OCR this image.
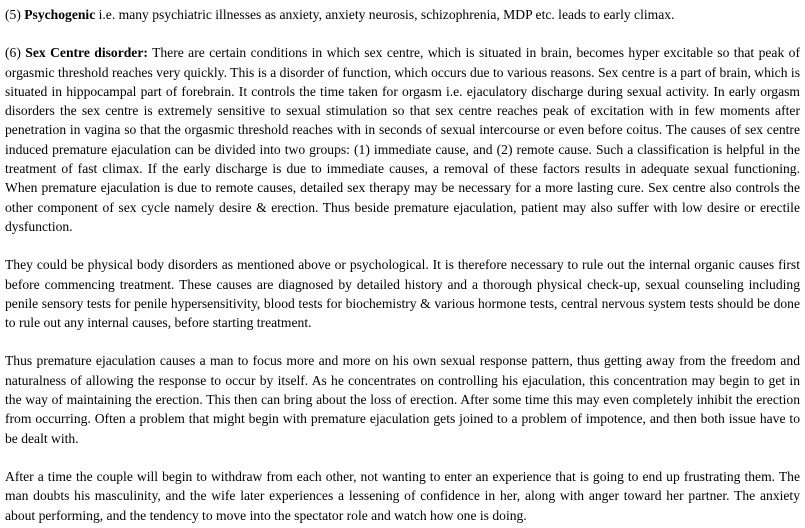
(5) Psychogenic i.e. many psychiatric illnesses as anxiety, anxiety neurosis, schizophrenia, MDP etc. leads to early climax.

(6) Sex Centre disorder: There are certain conditions in which sex centre, which is situated in brain, becomes hyper excitable so that peak of orgasmic threshold reaches very quickly. This is a disorder of function, which occurs due to various reasons. Sex centre is a part of brain, which is situated in hippocampal part of forebrain. It controls the time taken for orgasm i.e. ejaculatory discharge during sexual activity. In early orgasm disorders the sex centre is extremely sensitive to sexual stimulation so that sex centre reaches peak of excitation with in few moments after penetration in vagina so that the orgasmic threshold reaches with in seconds of sexual intercourse or even before coitus. The causes of sex centre induced premature ejaculation can be divided into two groups: (1) immediate cause, and (2) remote cause. Such a classification is helpful in the treatment of fast climax. If the early discharge is due to immediate causes, a removal of these factors results in adequate sexual functioning. When premature ejaculation is due to remote causes, detailed sex therapy may be necessary for a more lasting cure. Sex centre also controls the other component of sex cycle namely desire & erection. Thus beside premature ejaculation, patient may also suffer with low desire or erectile dysfunction.

They could be physical body disorders as mentioned above or psychological. It is therefore necessary to rule out the internal organic causes first before commencing treatment. These causes are diagnosed by detailed history and a thorough physical check-up, sexual counseling including penile sensory tests for penile hypersensitivity, blood tests for biochemistry & various hormone tests, central nervous system tests should be done to rule out any internal causes, before starting treatment.

Thus premature ejaculation causes a man to focus more and more on his own sexual response pattern, thus getting away from the freedom and naturalness of allowing the response to occur by itself. As he concentrates on controlling his ejaculation, this concentration may begin to get in the way of maintaining the erection. This then can bring about the loss of erection. After some time this may even completely inhibit the erection from occurring. Often a problem that might begin with premature ejaculation gets joined to a problem of impotence, and then both issue have to be dealt with.

After a time the couple will begin to withdraw from each other, not wanting to enter an experience that is going to end up frustrating them. The man doubts his masculinity, and the wife later experiences a lessening of confidence in her, along with anger toward her partner. The anxiety about performing, and the tendency to move into the spectator role and watch how one is doing.
